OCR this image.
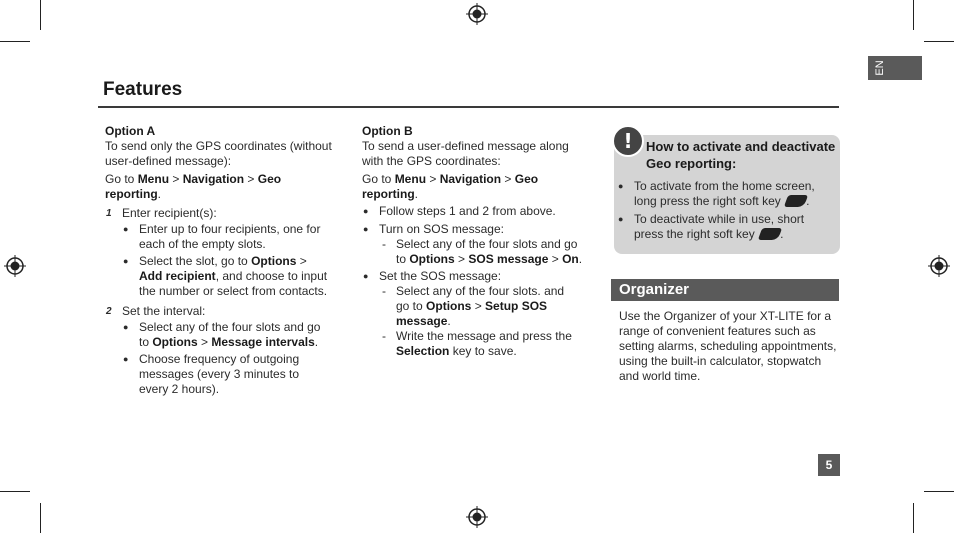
EN
Features

Option A

To send only the GPS coordinates (without user-defined message):

Go to Menu > Navigation > Geo reporting.

1 Enter recipient(s):
● Enter up to four recipients, one for each of the empty slots.
● Select the slot, go to Options > Add recipient, and choose to input the number or select from contacts.
2 Set the interval:
● Select any of the four slots and go to Options > Message intervals.
● Choose frequency of outgoing messages (every 3 minutes to every 2 hours).

Option B

To send a user-defined message along with the GPS coordinates:

Go to Menu > Navigation > Geo reporting.

● Follow steps 1 and 2 from above.
● Turn on SOS message:
- Select any of the four slots and go to Options > SOS message > On.
● Set the SOS message:
- Select any of the four slots. and go to Options > Setup SOS message.
- Write the message and press the Selection key to save.
!	How to activate and deactivate Geo reporting:
● To activate from the home screen, long press the right soft key .
● To deactivate while in use, short press the right soft key .
Organizer
Use the Organizer of your XT-LITE for a range of convenient features such as setting alarms, scheduling appointments, using the built-in calculator, stopwatch and world time.
5
